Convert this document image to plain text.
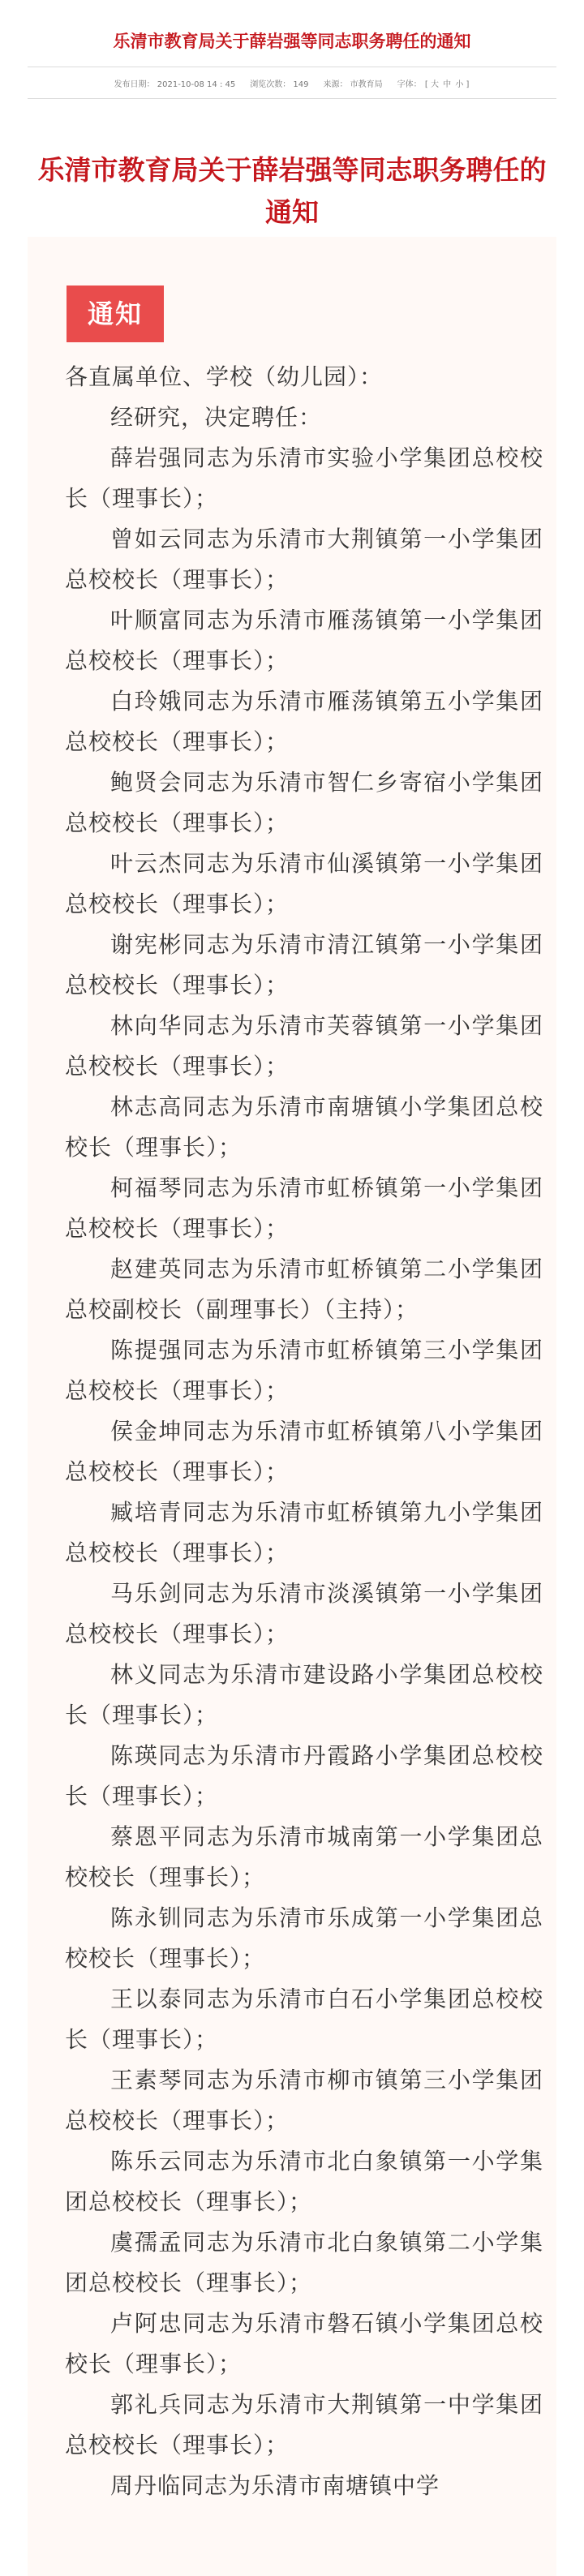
乐清市教育局关于薛岩强等同志职务聘任的通知
发布日期： 2021-10-08 14 : 45 浏览次数： 149 来源： 市教育局 字体： [ 大 中 小 ]
乐清市教育局关于薛岩强等同志职务聘任的通知
通知

各直属单位、学校（幼儿园）：

经研究，决定聘任：

薛岩强同志为乐清市实验小学集团总校校长（理事长）；

曾如云同志为乐清市大荆镇第一小学集团总校校长（理事长）；

叶顺富同志为乐清市雁荡镇第一小学集团总校校长（理事长）；

白玲娥同志为乐清市雁荡镇第五小学集团总校校长（理事长）；

鲍贤会同志为乐清市智仁乡寄宿小学集团总校校长（理事长）；

叶云杰同志为乐清市仙溪镇第一小学集团总校校长（理事长）；

谢宪彬同志为乐清市清江镇第一小学集团总校校长（理事长）；

林向华同志为乐清市芙蓉镇第一小学集团总校校长（理事长）；

林志高同志为乐清市南塘镇小学集团总校校长（理事长）；

柯福琴同志为乐清市虹桥镇第一小学集团总校校长（理事长）；

赵建英同志为乐清市虹桥镇第二小学集团总校副校长（副理事长）（主持）；

陈提强同志为乐清市虹桥镇第三小学集团总校校长（理事长）；

侯金坤同志为乐清市虹桥镇第八小学集团总校校长（理事长）；

臧培青同志为乐清市虹桥镇第九小学集团总校校长（理事长）；

马乐剑同志为乐清市淡溪镇第一小学集团总校校长（理事长）；

林义同志为乐清市建设路小学集团总校校长（理事长）；

陈瑛同志为乐清市丹霞路小学集团总校校长（理事长）；

蔡恩平同志为乐清市城南第一小学集团总校校长（理事长）；

陈永钏同志为乐清市乐成第一小学集团总校校长（理事长）；

王以泰同志为乐清市白石小学集团总校校长（理事长）；

王素琴同志为乐清市柳市镇第三小学集团总校校长（理事长）；

陈乐云同志为乐清市北白象镇第一小学集团总校校长（理事长）；

虞孺孟同志为乐清市北白象镇第二小学集团总校校长（理事长）；

卢阿忠同志为乐清市磐石镇小学集团总校校长（理事长）；

郭礼兵同志为乐清市大荆镇第一中学集团总校校长（理事长）；

周丹临同志为乐清市南塘镇中学
